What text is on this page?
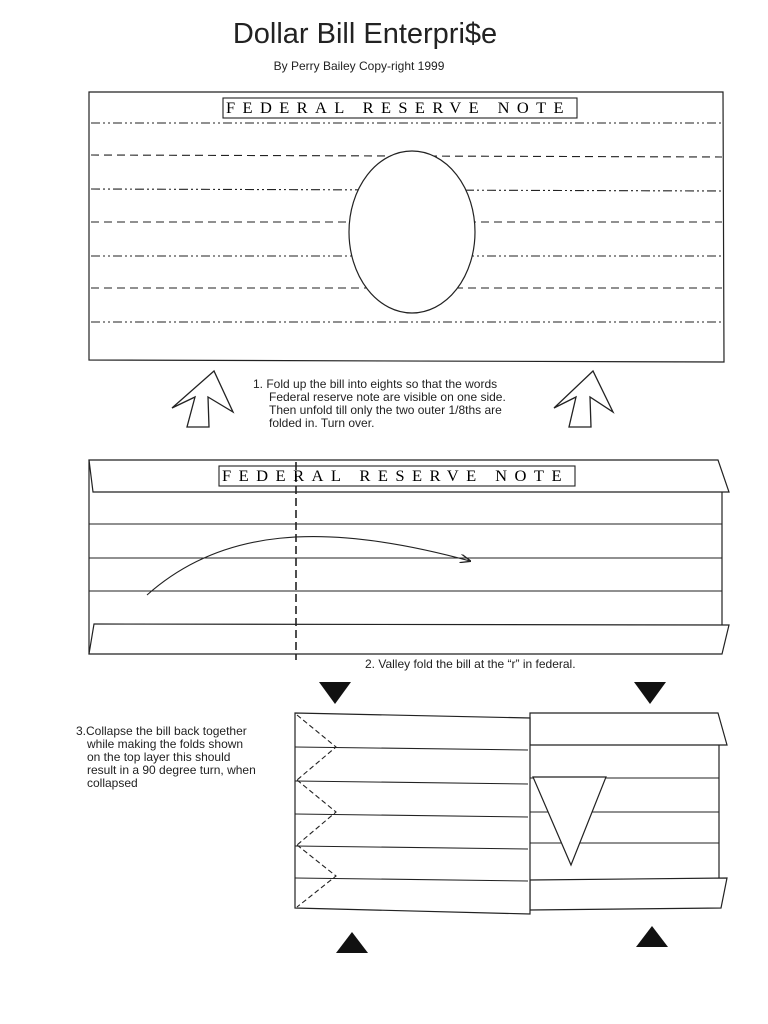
Dollar Bill Enterpri$e
By Perry Bailey Copy-right 1999
FEDERAL RESERVE NOTE
FEDERAL RESERVE NOTE
1. Fold up the bill into eights so that the words
Federal reserve note are visible on one side.
Then unfold till only the two outer 1/8ths are
folded in. Turn over.
2. Valley fold the bill at the “r” in federal.
3.Collapse the bill back together
while making the folds shown
on the top layer this should
result in a 90 degree turn, when
collapsed
